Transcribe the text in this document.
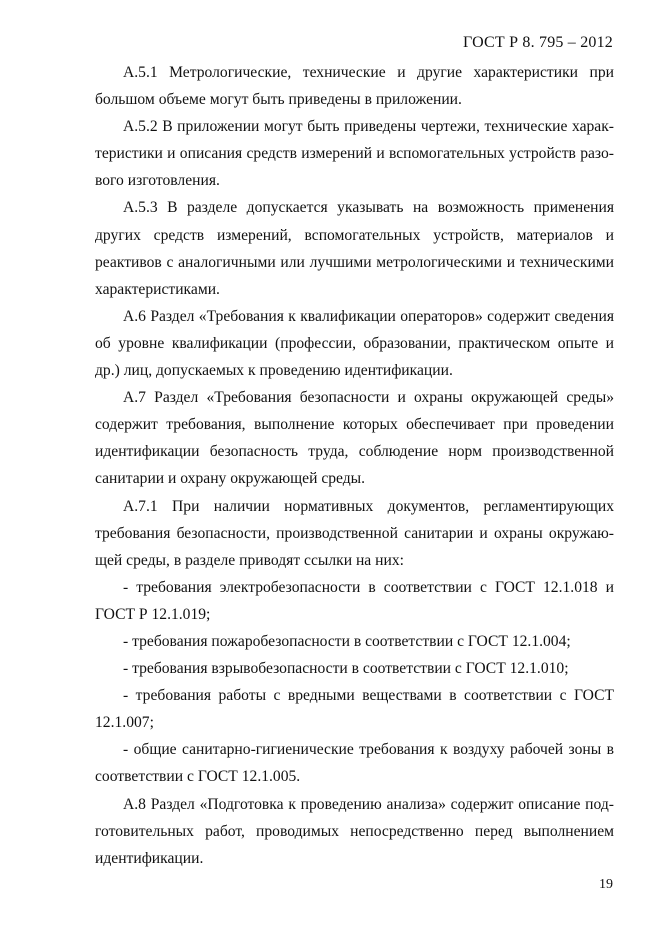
ГОСТ Р 8. 795 – 2012

А.5.1 Метрологические, технические и другие характеристики при большом объеме могут быть приведены в приложении.

А.5.2 В приложении могут быть приведены чертежи, технические характеристики и описания средств измерений и вспомогательных устройств разового изготовления.

А.5.3 В разделе допускается указывать на возможность применения других средств измерений, вспомогательных устройств, материалов и реактивов с аналогичными или лучшими метрологическими и техническими характеристиками.

А.6 Раздел «Требования к квалификации операторов» содержит сведения об уровне квалификации (профессии, образовании, практическом опыте и др.) лиц, допускаемых к проведению идентификации.

А.7 Раздел «Требования безопасности и охраны окружающей среды» содержит требования, выполнение которых обеспечивает при проведении идентификации безопасность труда, соблюдение норм производственной санитарии и охрану окружающей среды.

А.7.1 При наличии нормативных документов, регламентирующих требования безопасности, производственной санитарии и охраны окружающей среды, в разделе приводят ссылки на них:

- требования электробезопасности в соответствии с ГОСТ 12.1.018 и ГОСТ Р 12.1.019;

- требования пожаробезопасности в соответствии с ГОСТ 12.1.004;

- требования взрывобезопасности в соответствии с ГОСТ 12.1.010;

- требования работы с вредными веществами в соответствии с ГОСТ 12.1.007;

- общие санитарно-гигиенические требования к воздуху рабочей зоны в соответствии с ГОСТ 12.1.005.

А.8 Раздел «Подготовка к проведению анализа» содержит описание подготовительных работ, проводимых непосредственно перед выполнением идентификации.

19
